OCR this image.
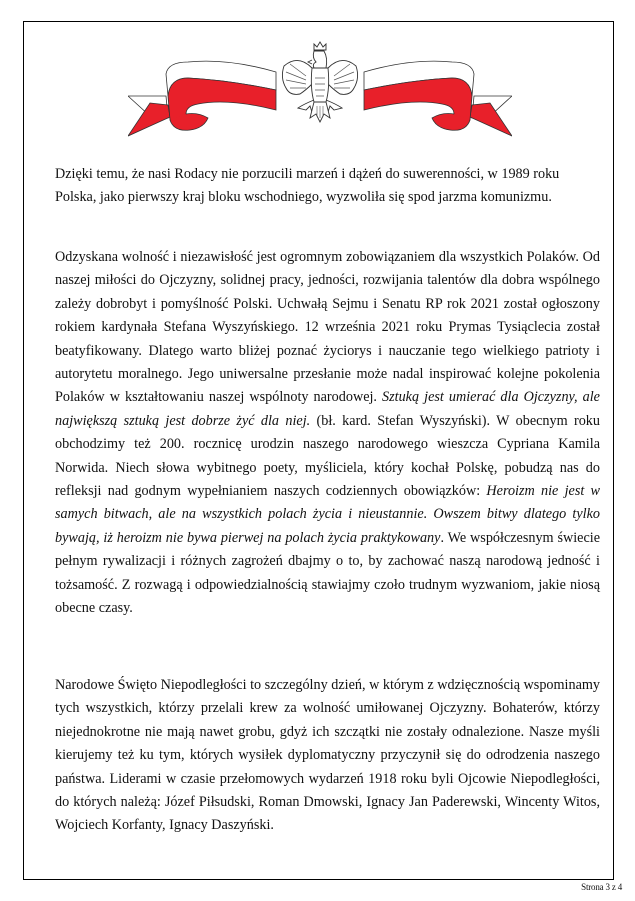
Dzięki temu, że nasi Rodacy nie porzucili marzeń i dążeń do suwerenności, w 1989 roku Polska, jako pierwszy kraj bloku wschodniego, wyzwoliła się spod jarzma komunizmu.

Odzyskana wolność i niezawisłość jest ogromnym zobowiązaniem dla wszystkich Polaków. Od naszej miłości do Ojczyzny, solidnej pracy, jedności, rozwijania talentów dla dobra wspólnego zależy dobrobyt i pomyślność Polski. Uchwałą Sejmu i Senatu RP rok 2021 został ogłoszony rokiem kardynała Stefana Wyszyńskiego. 12 września 2021 roku Prymas Tysiąclecia został beatyfikowany. Dlatego warto bliżej poznać życiorys i nauczanie tego wielkiego patrioty i autorytetu moralnego. Jego uniwersalne przesłanie może nadal inspirować kolejne pokolenia Polaków w kształtowaniu naszej wspólnoty narodowej. Sztuką jest umierać dla Ojczyzny, ale największą sztuką jest dobrze żyć dla niej. (bł. kard. Stefan Wyszyński). W obecnym roku obchodzimy też 200. rocznicę urodzin naszego narodowego wieszcza Cypriana Kamila Norwida. Niech słowa wybitnego poety, myśliciela, który kochał Polskę, pobudzą nas do refleksji nad godnym wypełnianiem naszych codziennych obowiązków: Heroizm nie jest w samych bitwach, ale na wszystkich polach życia i nieustannie. Owszem bitwy dlatego tylko bywają, iż heroizm nie bywa pierwej na polach życia praktykowany. We współczesnym świecie pełnym rywalizacji i różnych zagrożeń dbajmy o to, by zachować naszą narodową jedność i tożsamość. Z rozwagą i odpowiedzialnością stawiajmy czoło trudnym wyzwaniom, jakie niosą obecne czasy.

Narodowe Święto Niepodległości to szczególny dzień, w którym z wdzięcznością wspominamy tych wszystkich, którzy przelali krew za wolność umiłowanej Ojczyzny. Bohaterów, którzy niejednokrotne nie mają nawet grobu, gdyż ich szczątki nie zostały odnalezione. Nasze myśli kierujemy też ku tym, których wysiłek dyplomatyczny przyczynił się do odrodzenia naszego państwa. Liderami w czasie przełomowych wydarzeń 1918 roku byli Ojcowie Niepodległości, do których należą: Józef Piłsudski, Roman Dmowski, Ignacy Jan Paderewski, Wincenty Witos, Wojciech Korfanty, Ignacy Daszyński.

Strona 3 z 4
